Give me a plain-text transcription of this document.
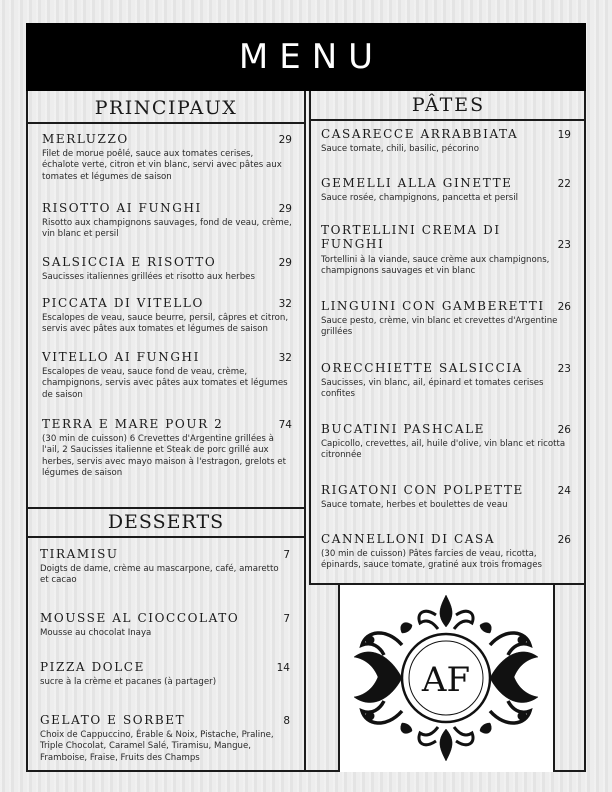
MENU
PRINCIPAUX	PÂTES
DESSERTS
MERLUZZO	29
Filet de morue poêlé, sauce aux tomates cerises, échalote verte, citron et vin blanc, servi avec pâtes aux tomates et légumes de saison
RISOTTO AI FUNGHI	29
Risotto aux champignons sauvages, fond de veau, crème, vin blanc et persil
SALSICCIA E RISOTTO	29
Saucisses italiennes grillées et risotto aux herbes
PICCATA DI VITELLO	32
Escalopes de veau, sauce beurre, persil, câpres et citron, servis avec pâtes aux tomates et légumes de saison
VITELLO AI FUNGHI	32
Escalopes de veau, sauce fond de veau, crème, champignons, servis avec pâtes aux tomates et légumes de saison
TERRA E MARE POUR 2	74
(30 min de cuisson) 6 Crevettes d'Argentine grillées à l'ail, 2 Saucisses italienne et Steak de porc grillé aux herbes, servis avec mayo maison à l'estragon, grelots et légumes de saison
TIRAMISU	7
Doigts de dame, crème au mascarpone, café, amaretto et cacao
MOUSSE AL CIOCCOLATO	7
Mousse au chocolat Inaya
PIZZA DOLCE	14
sucre à la crème et pacanes (à partager)
GELATO E SORBET	8
Choix de Cappuccino, Érable & Noix, Pistache, Praline, Triple Chocolat, Caramel Salé, Tiramisu, Mangue, Framboise, Fraise, Fruits des Champs
CASARECCE ARRABBIATA	19
Sauce tomate, chili, basilic, pécorino
GEMELLI ALLA GINETTE	22
Sauce rosée, champignons, pancetta et persil
TORTELLINI CREMA DI FUNGHI	23
Tortellini à la viande, sauce crème aux champignons, champignons sauvages et vin blanc
LINGUINI CON GAMBERETTI 26
Sauce pesto, crème, vin blanc et crevettes d'Argentine grillées
ORECCHIETTE SALSICCIA	23
Saucisses, vin blanc, ail, épinard et tomates cerises confites
BUCATINI PASHCALE	26
Capicollo, crevettes, ail, huile d'olive, vin blanc et ricotta citronnée
RIGATONI CON POLPETTE	24
Sauce tomate, herbes et boulettes de veau
CANNELLONI DI CASA	26
(30 min de cuisson) Pâtes farcies de veau, ricotta, épinards, sauce tomate, gratiné aux trois fromages
AF
